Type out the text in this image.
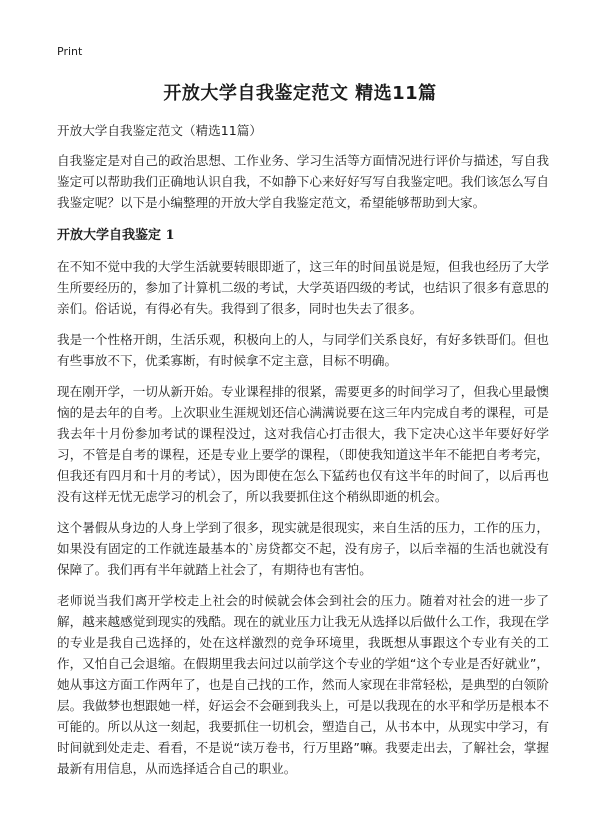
Print
开放大学自我鉴定范文 精选11篇

开放大学自我鉴定范文（精选11篇）

自我鉴定是对自己的政治思想、工作业务、学习生活等方面情况进行评价与描述，写自我鉴定可以帮助我们正确地认识自我，不如静下心来好好写写自我鉴定吧。我们该怎么写自我鉴定呢？以下是小编整理的开放大学自我鉴定范文，希望能够帮助到大家。

开放大学自我鉴定 1

在不知不觉中我的大学生活就要转眼即逝了，这三年的时间虽说是短，但我也经历了大学生所要经历的，参加了计算机二级的考试，大学英语四级的考试，也结识了很多有意思的亲们。俗话说，有得必有失。我得到了很多，同时也失去了很多。

我是一个性格开朗，生活乐观，积极向上的人，与同学们关系良好，有好多铁哥们。但也有些事放不下，优柔寡断，有时候拿不定主意，目标不明确。

现在刚开学，一切从新开始。专业课程排的很紧，需要更多的时间学习了，但我心里最懊恼的是去年的自考。上次职业生涯规划还信心满满说要在这三年内完成自考的课程，可是我去年十月份参加考试的课程没过，这对我信心打击很大，我下定决心这半年要好好学习，不管是自考的课程，还是专业上要学的课程，（即使我知道这半年不能把自考考完，但我还有四月和十月的考试），因为即使在怎么下猛药也仅有这半年的时间了，以后再也没有这样无忧无虑学习的机会了，所以我要抓住这个稍纵即逝的机会。

这个暑假从身边的人身上学到了很多，现实就是很现实，来自生活的压力，工作的压力，如果没有固定的工作就连最基本的`房贷都交不起，没有房子，以后幸福的生活也就没有保障了。我们再有半年就踏上社会了，有期待也有害怕。

老师说当我们离开学校走上社会的时候就会体会到社会的压力。随着对社会的进一步了解，越来越感觉到现实的残酷。现在的就业压力让我无从选择以后做什么工作，我现在学的专业是我自己选择的，处在这样激烈的竞争环境里，我既想从事跟这个专业有关的工作，又怕自己会退缩。在假期里我去问过以前学这个专业的学姐“这个专业是否好就业”，她从事这方面工作两年了，也是自己找的工作，然而人家现在非常轻松，是典型的白领阶层。我做梦也想跟她一样，好运会不会砸到我头上，可是以我现在的水平和学历是根本不可能的。所以从这一刻起，我要抓住一切机会，塑造自己，从书本中，从现实中学习，有时间就到处走走、看看，不是说“读万卷书，行万里路”嘛。我要走出去，了解社会，掌握最新有用信息，从而选择适合自己的职业。
